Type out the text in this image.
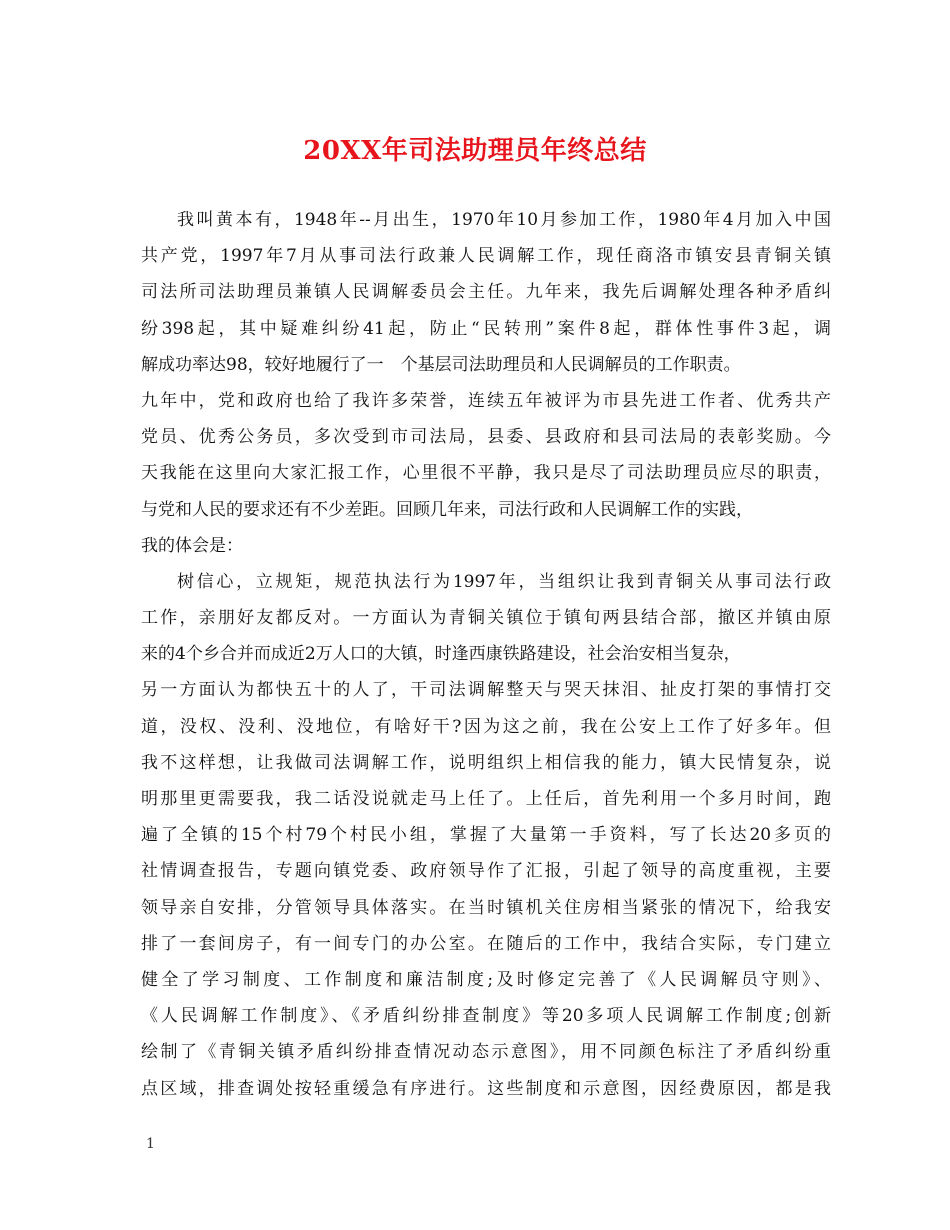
20XX年司法助理员年终总结
我叫黄本有，1948年--月出生，1970年10月参加工作，1980年4月加入中国
共产党，1997年7月从事司法行政兼人民调解工作，现任商洛市镇安县青铜关镇
司法所司法助理员兼镇人民调解委员会主任。九年来，我先后调解处理各种矛盾纠
纷398起，其中疑难纠纷41起，防止“民转刑”案件8起，群体性事件3起，调
解成功率达98，较好地履行了一　个基层司法助理员和人民调解员的工作职责。
九年中，党和政府也给了我许多荣誉，连续五年被评为市县先进工作者、优秀共产
党员、优秀公务员，多次受到市司法局，县委、县政府和县司法局的表彰奖励。今
天我能在这里向大家汇报工作，心里很不平静，我只是尽了司法助理员应尽的职责，
与党和人民的要求还有不少差距。回顾几年来，司法行政和人民调解工作的实践，
我的体会是：
树信心，立规矩，规范执法行为1997年，当组织让我到青铜关从事司法行政
工作，亲朋好友都反对。一方面认为青铜关镇位于镇旬两县结合部，撤区并镇由原
来的4个乡合并而成近2万人口的大镇，时逢西康铁路建设，社会治安相当复杂，
另一方面认为都快五十的人了，干司法调解整天与哭天抹泪、扯皮打架的事情打交
道，没权、没利、没地位，有啥好干?因为这之前，我在公安上工作了好多年。但
我不这样想，让我做司法调解工作，说明组织上相信我的能力，镇大民情复杂，说
明那里更需要我，我二话没说就走马上任了。上任后，首先利用一个多月时间，跑
遍了全镇的15个村79个村民小组，掌握了大量第一手资料，写了长达20多页的
社情调查报告，专题向镇党委、政府领导作了汇报，引起了领导的高度重视，主要
领导亲自安排，分管领导具体落实。在当时镇机关住房相当紧张的情况下，给我安
排了一套间房子，有一间专门的办公室。在随后的工作中，我结合实际，专门建立
健全了学习制度、工作制度和廉洁制度;及时修定完善了《人民调解员守则》、
《人民调解工作制度》、《矛盾纠纷排查制度》等20多项人民调解工作制度;创新
绘制了《青铜关镇矛盾纠纷排查情况动态示意图》，用不同颜色标注了矛盾纠纷重
点区域，排查调处按轻重缓急有序进行。这些制度和示意图，因经费原因，都是我
1
